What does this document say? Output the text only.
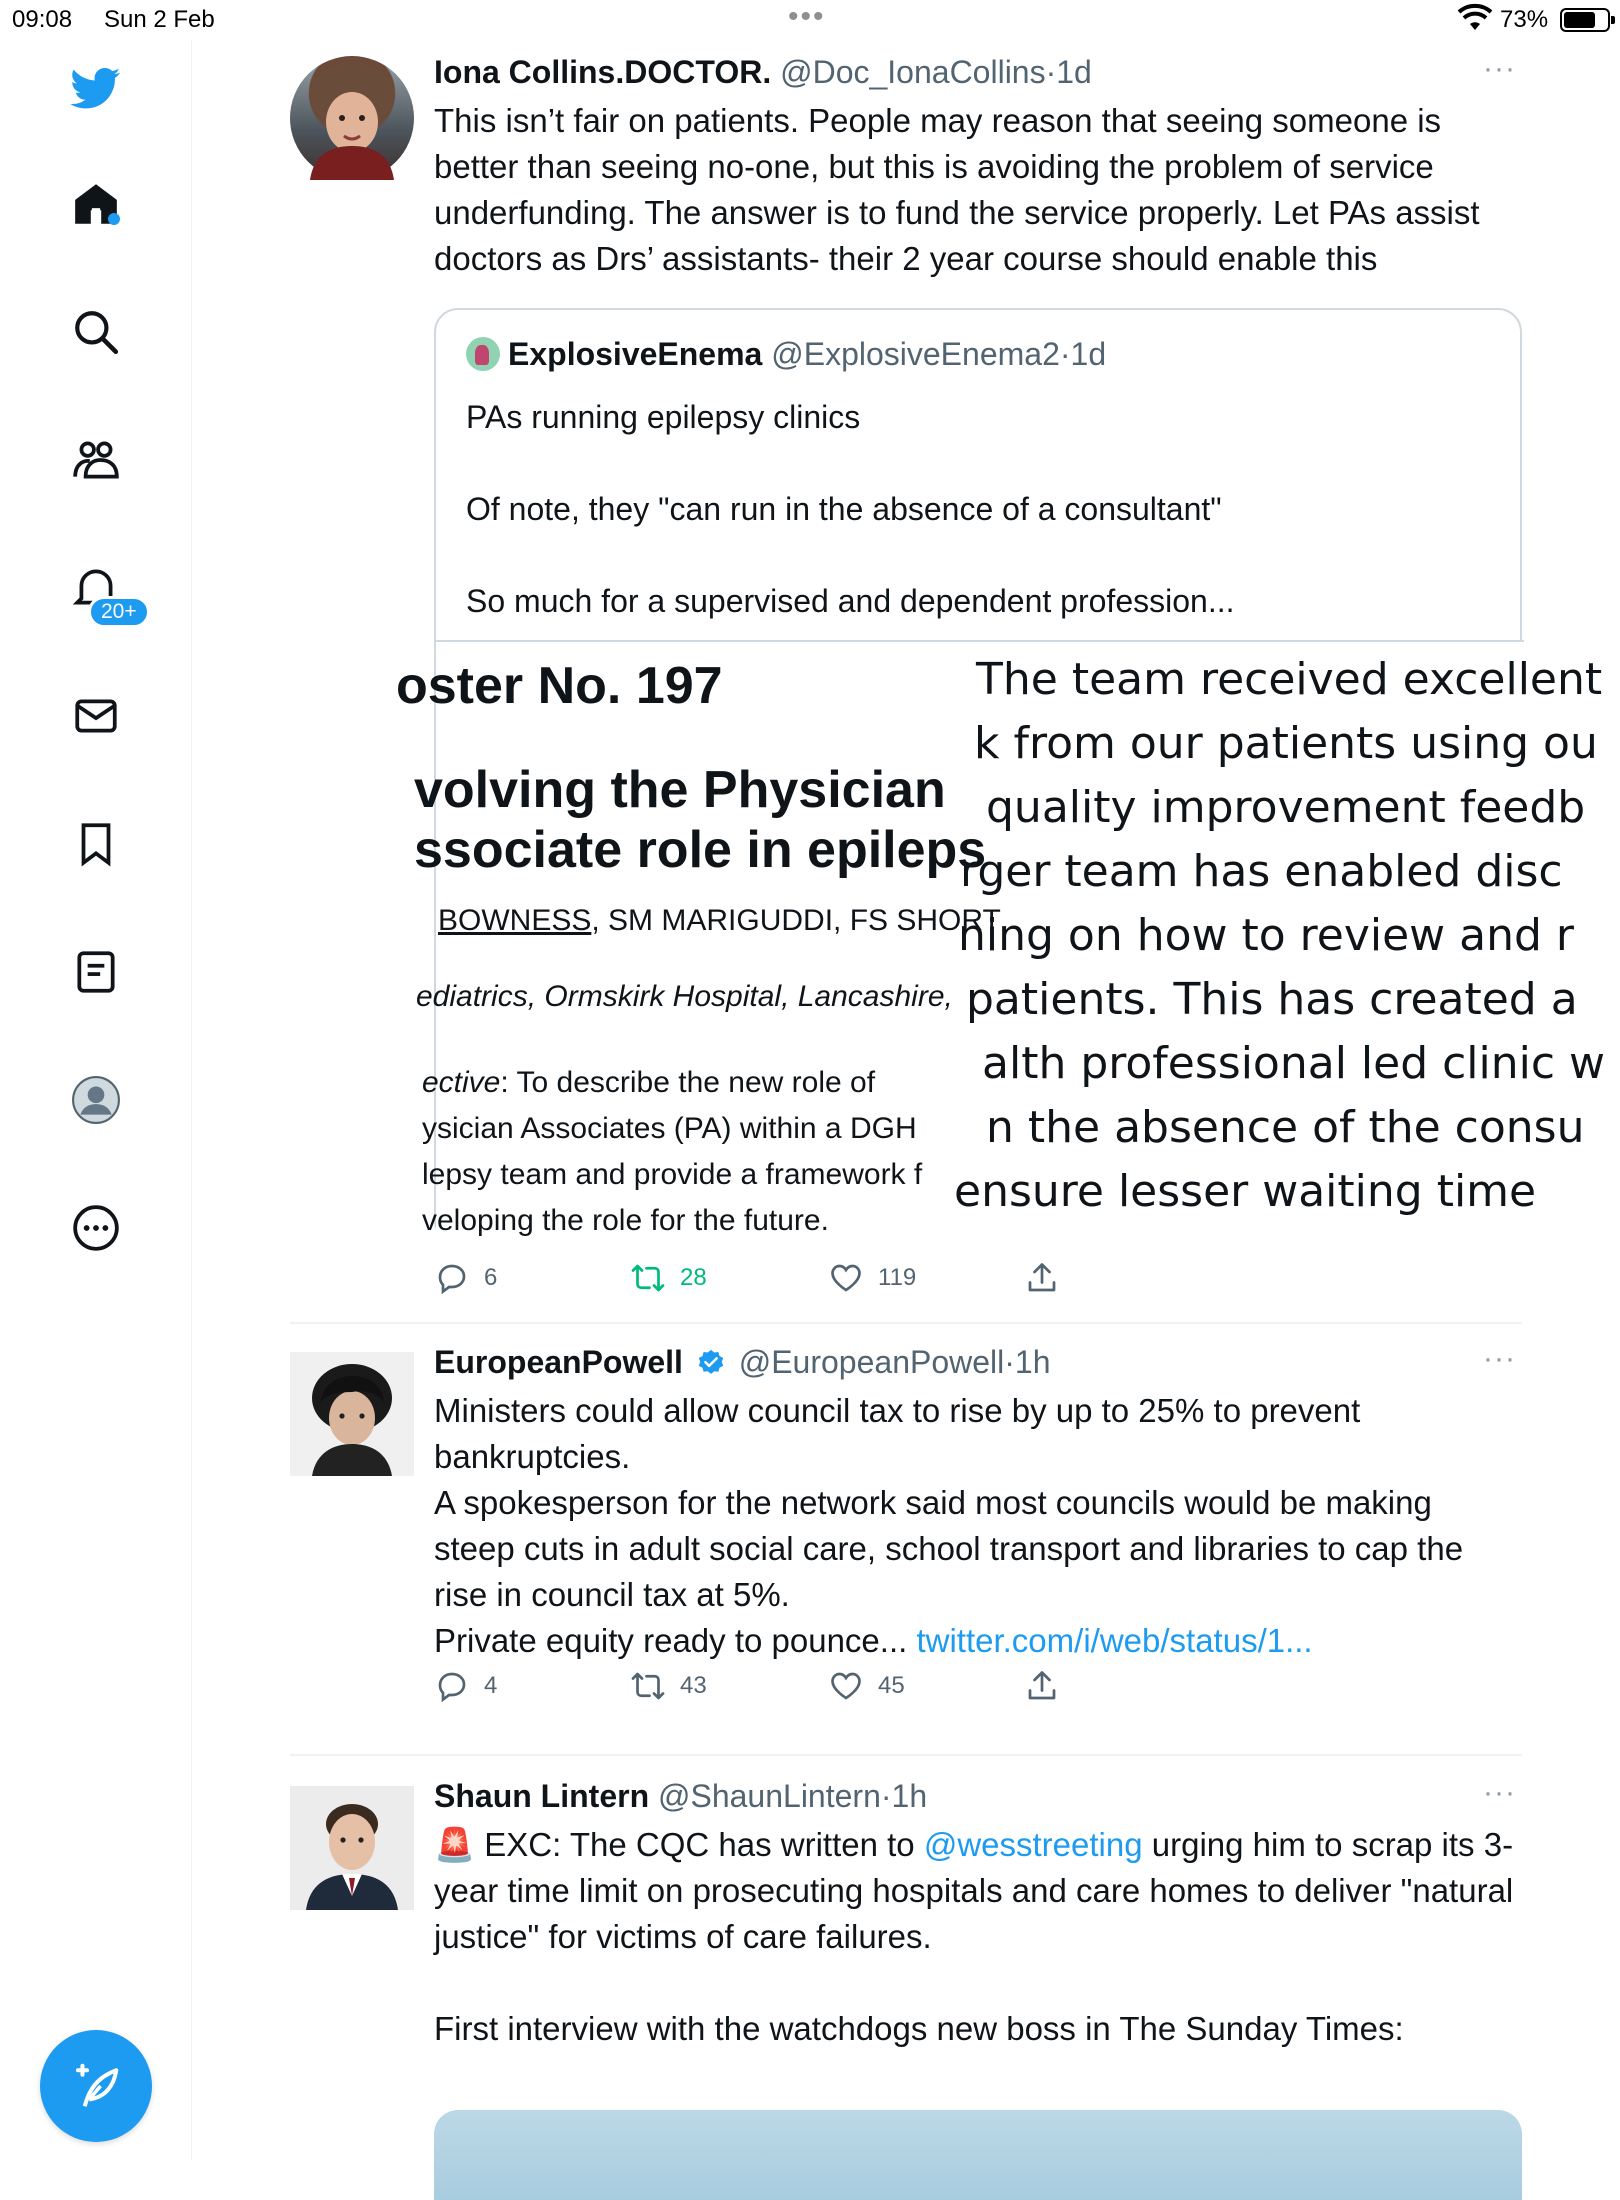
09:08 Sun 2 Feb	•••	73%
20+
Iona Collins.DOCTOR. @Doc_IonaCollins·1d	···
This isn’t fair on patients. People may reason that seeing someone is better than seeing no-one, but this is avoiding the problem of service underfunding. The answer is to fund the service properly. Let PAs assist doctors as Drs’ assistants- their 2 year course should enable this
ExplosiveEnema @ExplosiveEnema2·1d

PAs running epilepsy clinics

Of note, they "can run in the absence of a consultant"

So much for a supervised and dependent profession...

oster No. 197
volving the Physician
ssociate role in epileps
BOWNESS, SM MARIGUDDI, FS SHORT
ediatrics, Ormskirk Hospital, Lancashire,
ective: To describe the new role of
ysician Associates (PA) within a DGH
lepsy team and provide a framework f
veloping the role for the future.
The team received excellent
k from our patients using ou
quality improvement feedb
rger team has enabled disc
ning on how to review and r
patients. This has created a
alth professional led clinic w
n the absence of the consu
ensure lesser waiting time
6	28	119
EuropeanPowell @EuropeanPowell·1h	···

Ministers could allow council tax to rise by up to 25% to prevent bankruptcies.

A spokesperson for the network said most councils would be making steep cuts in adult social care, school transport and libraries to cap the rise in council tax at 5%.

Private equity ready to pounce... twitter.com/i/web/status/1...

4	43	45
Shaun Lintern @ShaunLintern·1h	···

🚨 EXC: The CQC has written to @wesstreeting urging him to scrap its 3-year time limit on prosecuting hospitals and care homes to deliver "natural justice" for victims of care failures.

First interview with the watchdogs new boss in The Sunday Times:
